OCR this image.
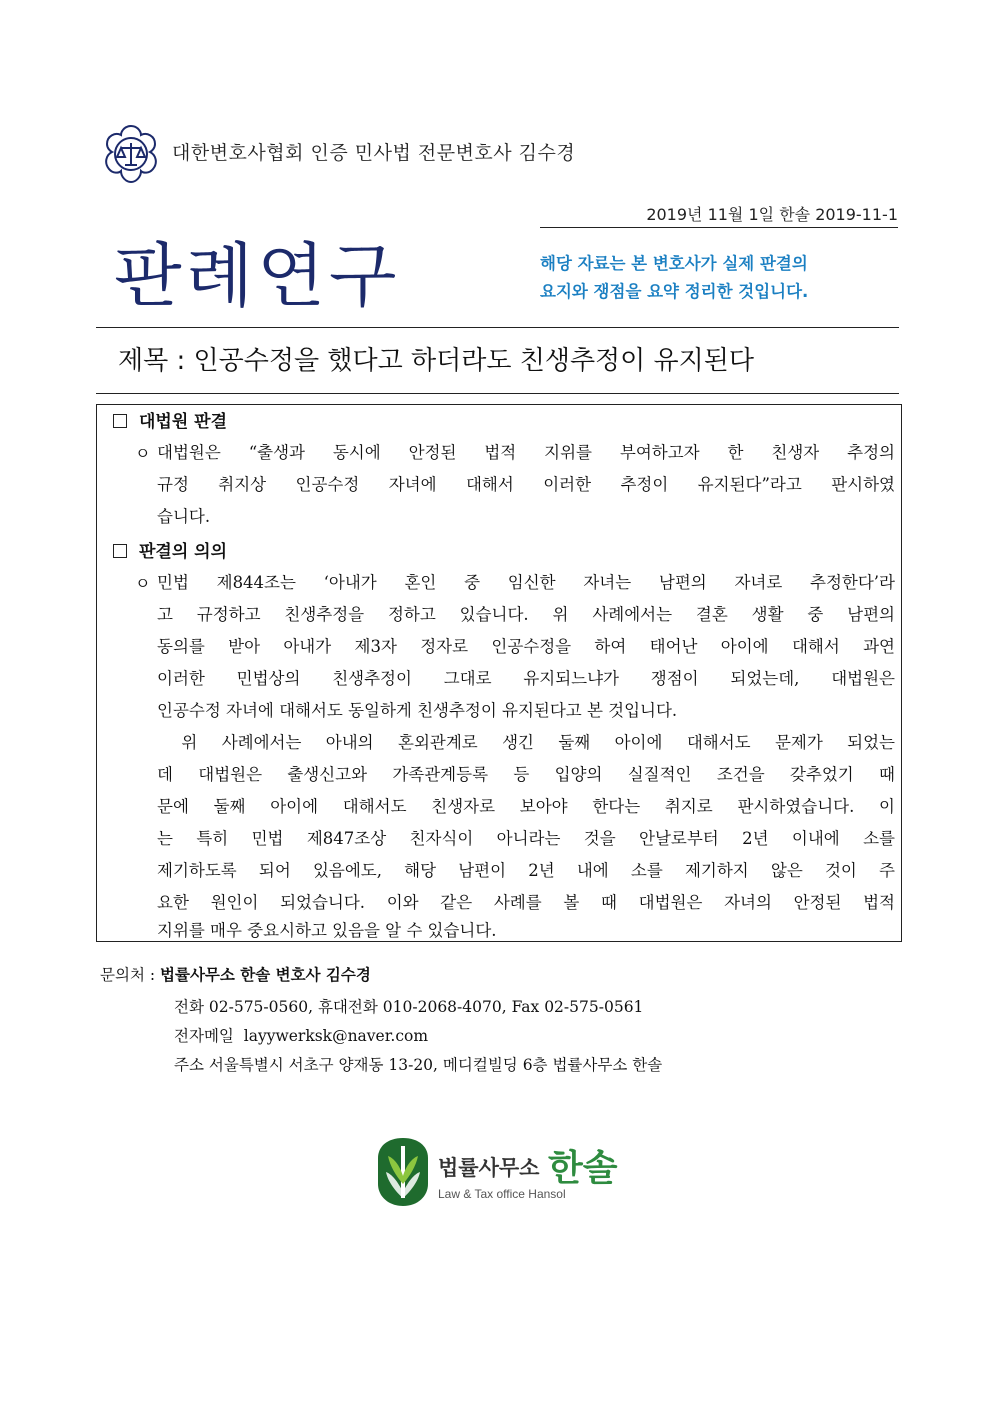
대한변호사협회 인증 민사법 전문변호사 김수경
2019년 11월 1일 한솔 2019-11-1
판례연구	해당 자료는 본 변호사가 실제 판결의
요지와 쟁점을 요약 정리한 것입니다.
제목 : 인공수정을 했다고 하더라도 친생추정이 유지된다
대법원 판결
ㅇ 대법원은 “출생과 동시에 안정된 법적 지위를 부여하고자 한 친생자 추정의
규정 취지상 인공수정 자녀에 대해서 이러한 추정이 유지된다”라고 판시하였
습니다.
판결의 의의
ㅇ 민법 제844조는 ‘아내가 혼인 중 임신한 자녀는 남편의 자녀로 추정한다’라
고 규정하고 친생추정을 정하고 있습니다. 위 사례에서는 결혼 생활 중 남편의
동의를 받아 아내가 제3자 정자로 인공수정을 하여 태어난 아이에 대해서 과연
이러한 민법상의 친생추정이 그대로 유지되느냐가 쟁점이 되었는데, 대법원은
인공수정 자녀에 대해서도 동일하게 친생추정이 유지된다고 본 것입니다.
위 사례에서는 아내의 혼외관계로 생긴 둘째 아이에 대해서도 문제가 되었는
데 대법원은 출생신고와 가족관계등록 등 입양의 실질적인 조건을 갖추었기 때
문에 둘째 아이에 대해서도 친생자로 보아야 한다는 취지로 판시하였습니다. 이
는 특히 민법 제847조상 친자식이 아니라는 것을 안날로부터 2년 이내에 소를
제기하도록 되어 있음에도, 해당 남편이 2년 내에 소를 제기하지 않은 것이 주
요한 원인이 되었습니다. 이와 같은 사례를 볼 때 대법원은 자녀의 안정된 법적
지위를 매우 중요시하고 있음을 알 수 있습니다.
문의처 : 법률사무소 한솔 변호사 김수경
전화 02-575-0560, 휴대전화 010-2068-4070, Fax 02-575-0561
전자메일 layywerksk@naver.com
주소 서울특별시 서초구 양재동 13-20, 메디컬빌딩 6층 법률사무소 한솔
법률사무소 한솔
Law & Tax office Hansol
